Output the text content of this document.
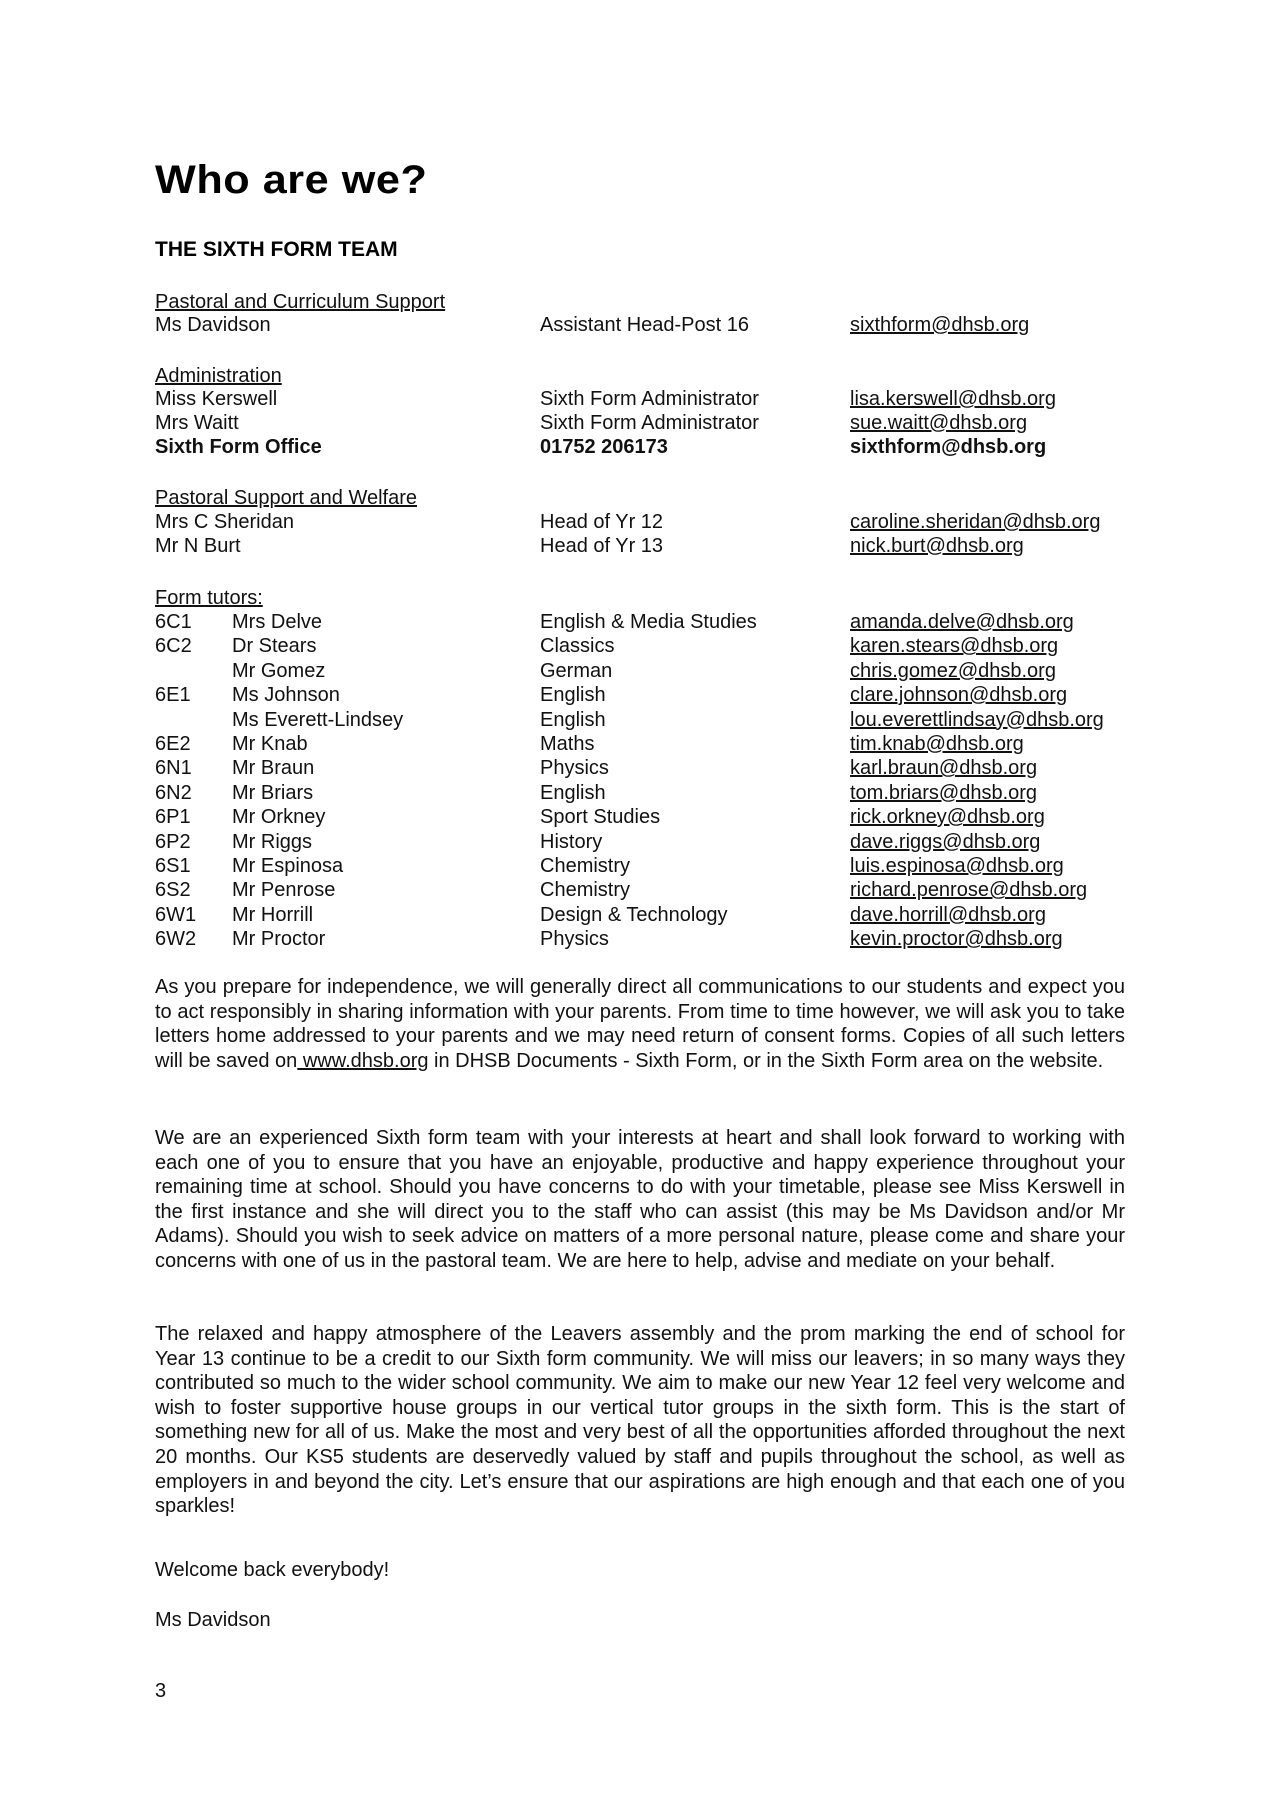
Who are we?
THE SIXTH FORM TEAM
Pastoral and Curriculum Support
Ms Davidson	Assistant Head-Post 16	sixthform@dhsb.org
Administration
Miss Kerswell	Sixth Form Administrator	lisa.kerswell@dhsb.org
Mrs Waitt	Sixth Form Administrator	sue.waitt@dhsb.org
Sixth Form Office	01752 206173	sixthform@dhsb.org
Pastoral Support and Welfare
Mrs C Sheridan	Head of Yr 12	caroline.sheridan@dhsb.org
Mr N Burt	Head of Yr 13	nick.burt@dhsb.org
Form tutors:
6C1 Mrs Delve	English & Media Studies	amanda.delve@dhsb.org
6C2 Dr Stears	Classics	karen.stears@dhsb.org
Mr Gomez	German	chris.gomez@dhsb.org
6E1 Ms Johnson	English	clare.johnson@dhsb.org
Ms Everett-Lindsey	English	lou.everettlindsay@dhsb.org
6E2 Mr Knab	Maths	tim.knab@dhsb.org
6N1 Mr Braun	Physics	karl.braun@dhsb.org
6N2 Mr Briars	English	tom.briars@dhsb.org
6P1 Mr Orkney	Sport Studies	rick.orkney@dhsb.org
6P2 Mr Riggs	History	dave.riggs@dhsb.org
6S1 Mr Espinosa	Chemistry	luis.espinosa@dhsb.org
6S2 Mr Penrose	Chemistry	richard.penrose@dhsb.org
6W1 Mr Horrill	Design & Technology	dave.horrill@dhsb.org
6W2 Mr Proctor	Physics	kevin.proctor@dhsb.org

As you prepare for independence, we will generally direct all communications to our students and expect you to act responsibly in sharing information with your parents. From time to time however, we will ask you to take letters home addressed to your parents and we may need return of consent forms. Copies of all such letters will be saved on www.dhsb.org in DHSB Documents - Sixth Form, or in the Sixth Form area on the website.

We are an experienced Sixth form team with your interests at heart and shall look forward to working with each one of you to ensure that you have an enjoyable, productive and happy experience throughout your remaining time at school. Should you have concerns to do with your timetable, please see Miss Kerswell in the first instance and she will direct you to the staff who can assist (this may be Ms Davidson and/or Mr Adams). Should you wish to seek advice on matters of a more personal nature, please come and share your concerns with one of us in the pastoral team. We are here to help, advise and mediate on your behalf.

The relaxed and happy atmosphere of the Leavers assembly and the prom marking the end of school for Year 13 continue to be a credit to our Sixth form community. We will miss our leavers; in so many ways they contributed so much to the wider school community. We aim to make our new Year 12 feel very welcome and wish to foster supportive house groups in our vertical tutor groups in the sixth form. This is the start of something new for all of us. Make the most and very best of all the opportunities afforded throughout the next 20 months. Our KS5 students are deservedly valued by staff and pupils throughout the school, as well as employers in and beyond the city. Let’s ensure that our aspirations are high enough and that each one of you sparkles!

Welcome back everybody!

Ms Davidson

3
